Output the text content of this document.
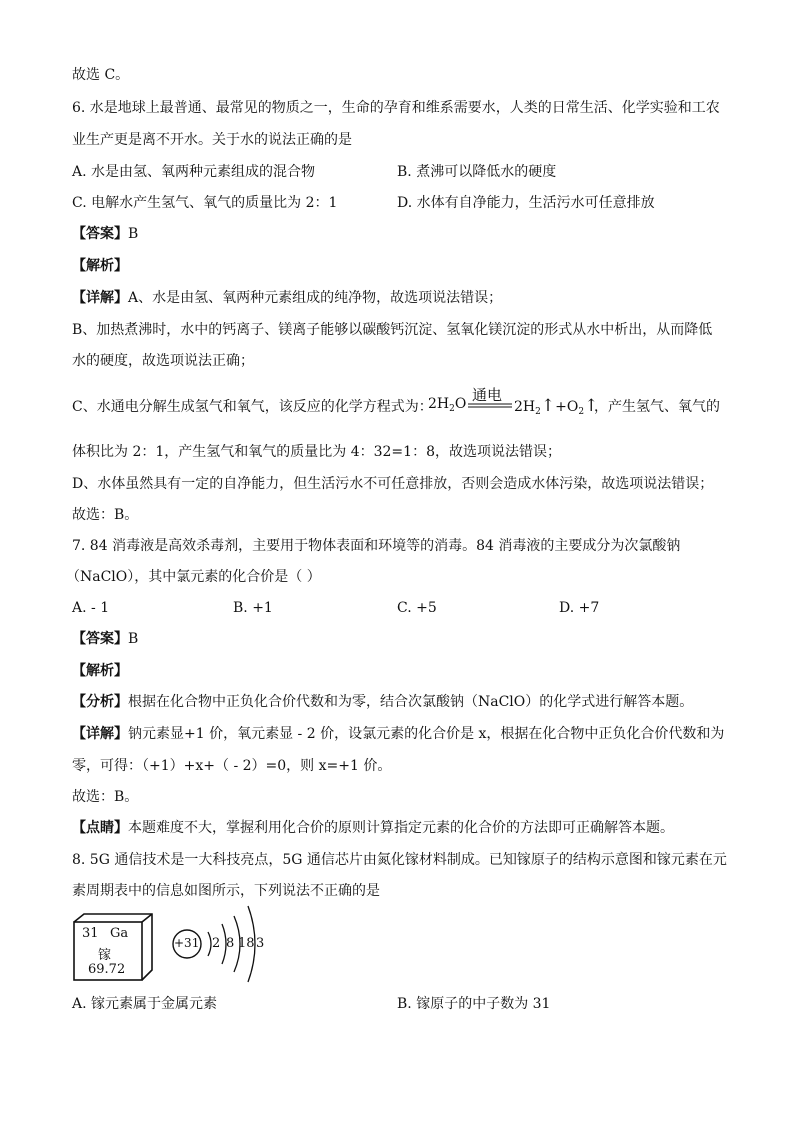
故选 C。
6. 水是地球上最普通、最常见的物质之一，生命的孕育和维系需要水，人类的日常生活、化学实验和工农
业生产更是离不开水。关于水的说法正确的是
A. 水是由氢、氧两种元素组成的混合物	B. 煮沸可以降低水的硬度
C. 电解水产生氢气、氧气的质量比为 2：1	D. 水体有自净能力，生活污水可任意排放
【答案】B
【解析】
【详解】A、水是由氢、氧两种元素组成的纯净物，故选项说法错误；
B、加热煮沸时，水中的钙离子、镁离子能够以碳酸钙沉淀、氢氧化镁沉淀的形式从水中析出，从而降低
水的硬度，故选项说法正确；
C、水通电分解生成氢气和氧气，该反应的化学方程式为：
通电
$2H_2O$	$2H_2↑+O_2↑$
，产生氢气、氧气的
体积比为 2：1，产生氢气和氧气的质量比为 4：32=1：8，故选项说法错误；
D、水体虽然具有一定的自净能力，但生活污水不可任意排放，否则会造成水体污染，故选项说法错误；
故选：B。
7. 84 消毒液是高效杀毒剂，主要用于物体表面和环境等的消毒。84 消毒液的主要成分为次氯酸钠
（NaClO），其中氯元素的化合价是（ ）
A. - 1	B. +1	C. +5	D. +7
【答案】B
【解析】
【分析】根据在化合物中正负化合价代数和为零，结合次氯酸钠（NaClO）的化学式进行解答本题。
【详解】钠元素显+1 价，氧元素显 - 2 价，设氯元素的化合价是 x，根据在化合物中正负化合价代数和为
零，可得：（+1）+x+（ - 2）=0，则 x=+1 价。
故选：B。
【点睛】本题难度不大，掌握利用化合价的原则计算指定元素的化合价的方法即可正确解答本题。
8. 5G 通信技术是一大科技亮点，5G 通信芯片由氮化镓材料制成。已知镓原子的结构示意图和镓元素在元
素周期表中的信息如图所示，下列说法不正确的是
31 Ga
镓
69.72
+31 2 8 18 3
A. 镓元素属于金属元素	B. 镓原子的中子数为 31
